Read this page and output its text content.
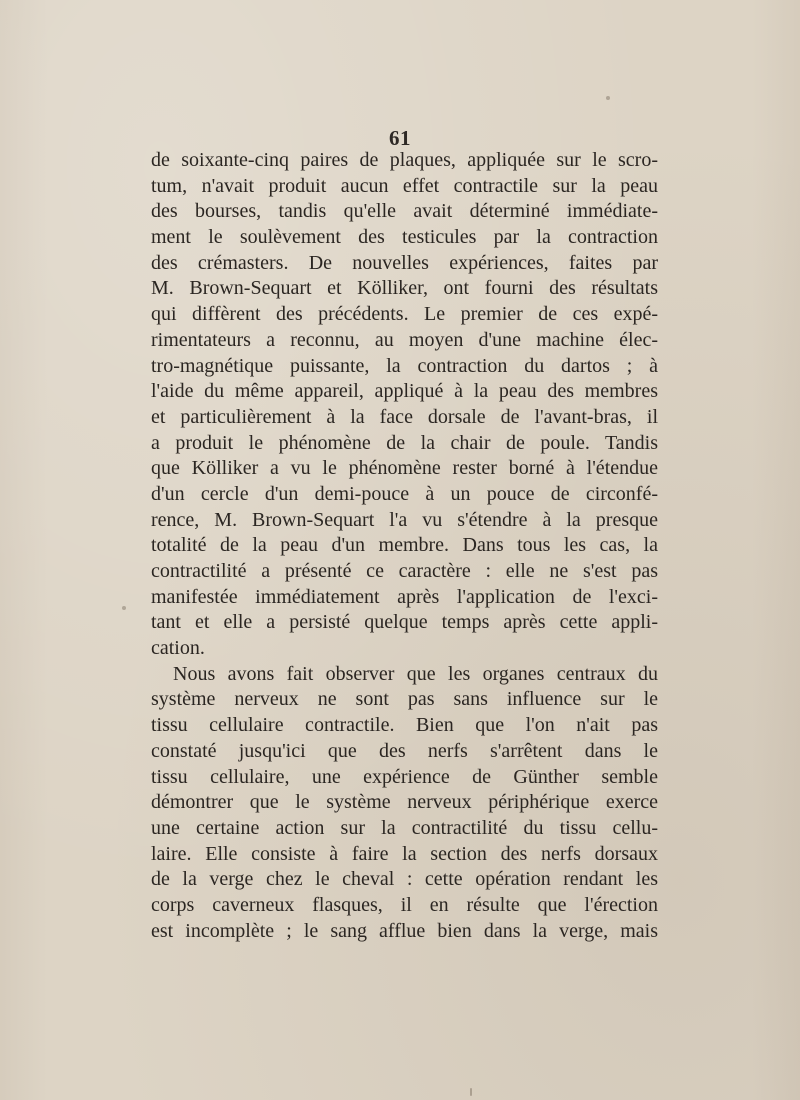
61
de soixante-cinq paires de plaques, appliquée sur le scro-
tum, n'avait produit aucun effet contractile sur la peau
des bourses, tandis qu'elle avait déterminé immédiate-
ment le soulèvement des testicules par la contraction
des crémasters. De nouvelles expériences, faites par
M. Brown-Sequart et Kölliker, ont fourni des résultats
qui diffèrent des précédents. Le premier de ces expé-
rimentateurs a reconnu, au moyen d'une machine élec-
tro-magnétique puissante, la contraction du dartos ; à
l'aide du même appareil, appliqué à la peau des membres
et particulièrement à la face dorsale de l'avant-bras, il
a produit le phénomène de la chair de poule. Tandis
que Kölliker a vu le phénomène rester borné à l'étendue
d'un cercle d'un demi-pouce à un pouce de circonfé-
rence, M. Brown-Sequart l'a vu s'étendre à la presque
totalité de la peau d'un membre. Dans tous les cas, la
contractilité a présenté ce caractère : elle ne s'est pas
manifestée immédiatement après l'application de l'exci-
tant et elle a persisté quelque temps après cette appli-
cation.
Nous avons fait observer que les organes centraux du
système nerveux ne sont pas sans influence sur le
tissu cellulaire contractile. Bien que l'on n'ait pas
constaté jusqu'ici que des nerfs s'arrêtent dans le
tissu cellulaire, une expérience de Günther semble
démontrer que le système nerveux périphérique exerce
une certaine action sur la contractilité du tissu cellu-
laire. Elle consiste à faire la section des nerfs dorsaux
de la verge chez le cheval : cette opération rendant les
corps caverneux flasques, il en résulte que l'érection
est incomplète ; le sang afflue bien dans la verge, mais
